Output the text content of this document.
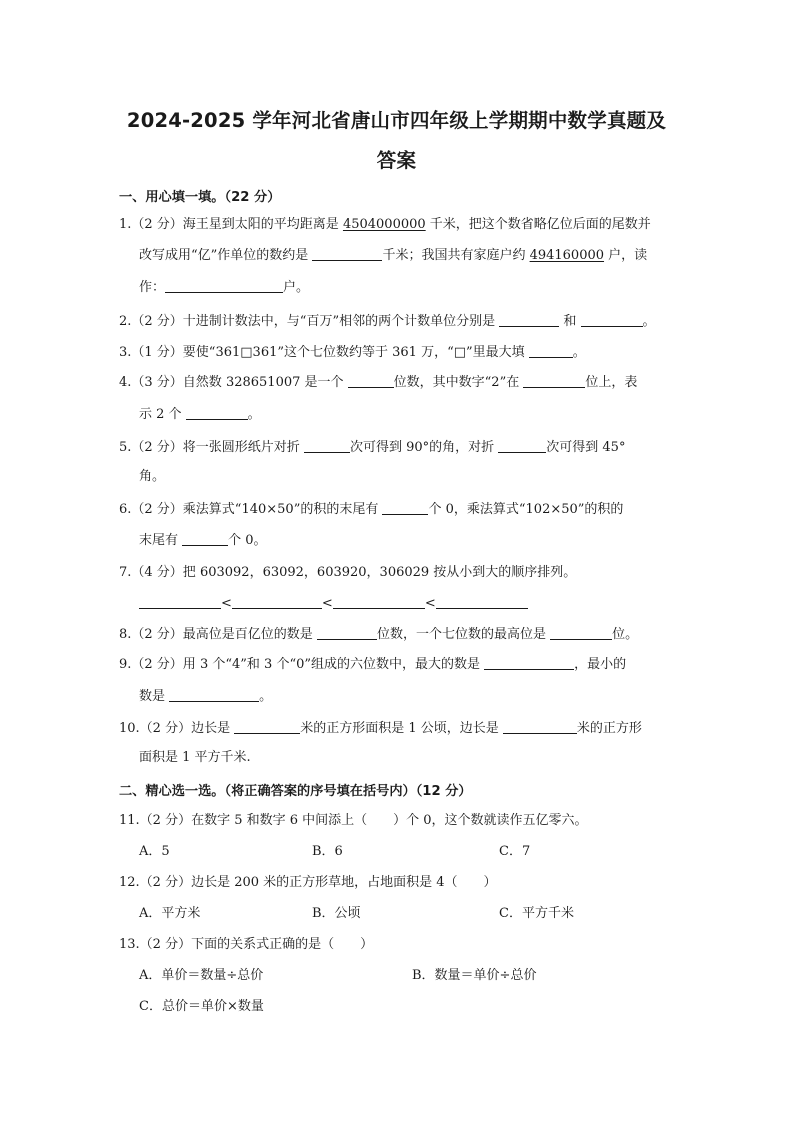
2024-2025 学年河北省唐山市四年级上学期期中数学真题及
答案
一、用心填一填。（22 分）
1.（2 分）海王星到太阳的平均距离是 4504000000 千米，把这个数省略亿位后面的尾数并
改写成用“亿”作单位的数约是	千米；我国共有家庭户约 494160000 户，读
作：	户。
2.（2 分）十进制计数法中，与“百万”相邻的两个计数单位分别是	和	。
3.（1 分）要使“361□361”这个七位数约等于 361 万，“□”里最大填	。
4.（3 分）自然数 328651007 是一个	位数，其中数字“2”在	位上，表
示 2 个	。
5.（2 分）将一张圆形纸片对折	次可得到 90°的角，对折	次可得到 45°
角。
6.（2 分）乘法算式“140×50”的积的末尾有	个 0，乘法算式“102×50”的积的
末尾有	个 0。
7.（4 分）把 603092，63092，603920，306029 按从小到大的顺序排列。
<	<	<
8.（2 分）最高位是百亿位的数是	位数，一个七位数的最高位是	位。
9.（2 分）用 3 个“4”和 3 个“0”组成的六位数中，最大的数是	，最小的
数是	。
10.（2 分）边长是	米的正方形面积是 1 公顷，边长是	米的正方形
面积是 1 平方千米.
二、精心选一选。（将正确答案的序号填在括号内）（12 分）
11.（2 分）在数字 5 和数字 6 中间添上（　　）个 0，这个数就读作五亿零六。
A．5	B．6	C．7
12.（2 分）边长是 200 米的正方形草地，占地面积是 4（　　）
A．平方米	B．公顷	C．平方千米
13.（2 分）下面的关系式正确的是（　　）
A．单价＝数量÷总价	B．数量＝单价÷总价
C．总价＝单价×数量
